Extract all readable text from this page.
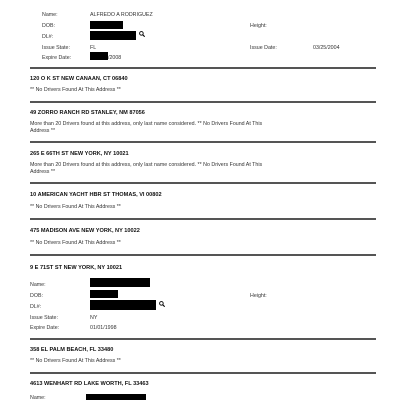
Name:	ALFREDO A RODRIGUEZ
DOB:	Height:
DL#:
Issue State:	FL	Issue Date:	03/25/2004
Expire Date:	/2008
120 O K ST NEW CANAAN, CT 06840
** No Drivers Found At This Address **
49 ZORRO RANCH RD STANLEY, NM 87056
More than 20 Drivers found at this address, only last name considered. ** No Drivers Found At This
Address **
265 E 66TH ST NEW YORK, NY 10021
More than 20 Drivers found at this address, only last name considered. ** No Drivers Found At This
Address **
10 AMERICAN YACHT HBR ST THOMAS, VI 00802
** No Drivers Found At This Address **
475 MADISON AVE NEW YORK, NY 10022
** No Drivers Found At This Address **
9 E 71ST ST NEW YORK, NY 10021
Name:
DOB:	Height:
DL#:
Issue State:	NY
Expire Date:	01/01/1998
358 EL PALM BEACH, FL 33480
** No Drivers Found At This Address **
4613 WENHART RD LAKE WORTH, FL 33463
Name:
